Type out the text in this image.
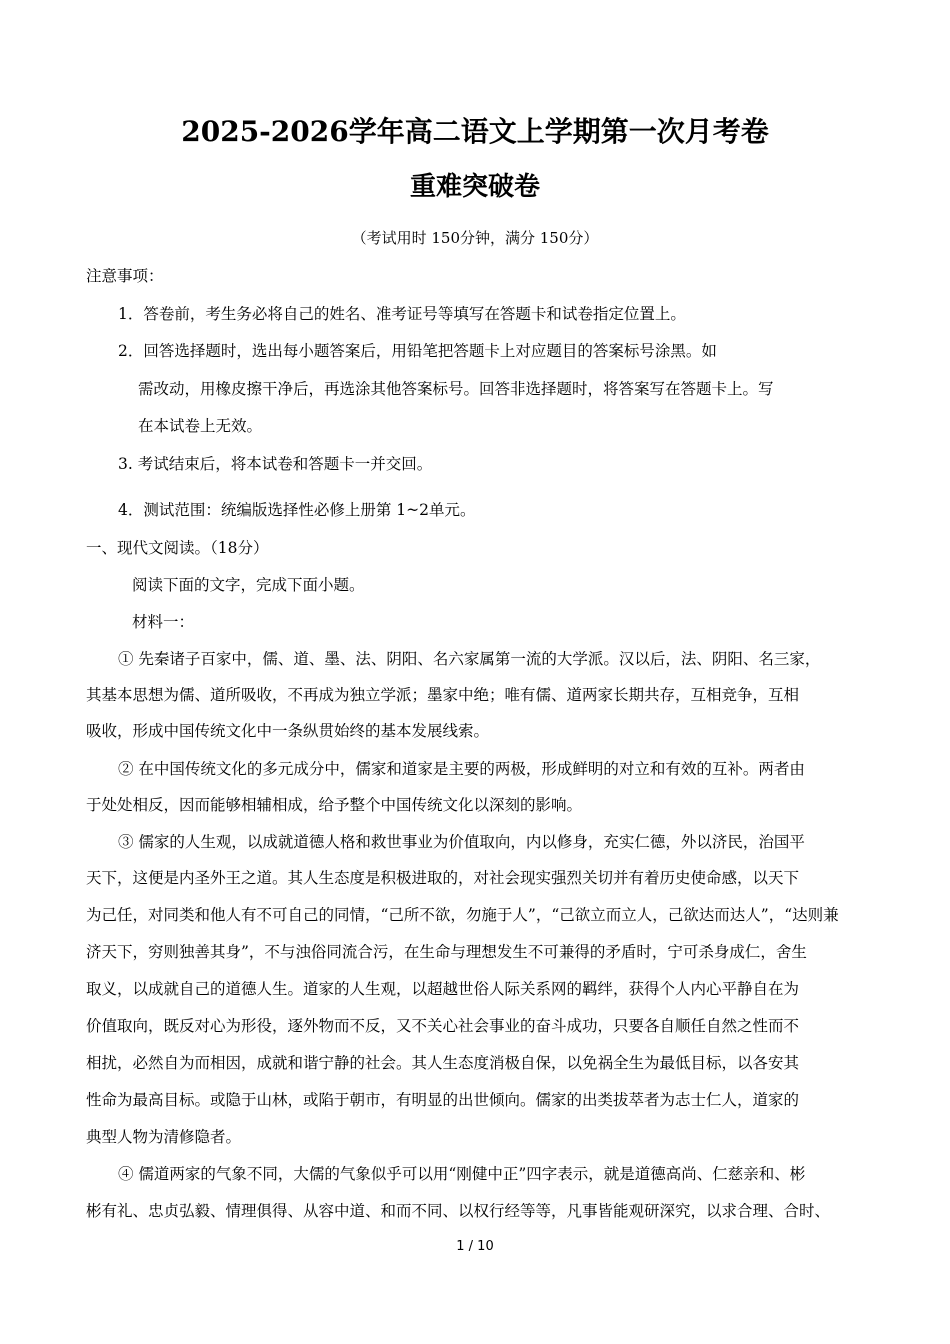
2025-2026学年高二语文上学期第一次月考卷
重难突破卷
（考试用时 150分钟，满分 150分）
注意事项：
1．答卷前，考生务必将自己的姓名、准考证号等填写在答题卡和试卷指定位置上。
2．回答选择题时，选出每小题答案后，用铅笔把答题卡上对应题目的答案标号涂黑。如
需改动，用橡皮擦干净后，再选涂其他答案标号。回答非选择题时，将答案写在答题卡上。写
在本试卷上无效。
3. 考试结束后，将本试卷和答题卡一并交回。
4．测试范围：统编版选择性必修上册第 1~2单元。
一、现代文阅读。（18分）
阅读下面的文字，完成下面小题。
材料一：
① 先秦诸子百家中，儒、道、墨、法、阴阳、名六家属第一流的大学派。汉以后，法、阴阳、名三家，
其基本思想为儒、道所吸收，不再成为独立学派；墨家中绝；唯有儒、道两家长期共存，互相竞争，互相
吸收，形成中国传统文化中一条纵贯始终的基本发展线索。
② 在中国传统文化的多元成分中，儒家和道家是主要的两极，形成鲜明的对立和有效的互补。两者由
于处处相反，因而能够相辅相成，给予整个中国传统文化以深刻的影响。
③ 儒家的人生观，以成就道德人格和救世事业为价值取向，内以修身，充实仁德，外以济民，治国平
天下，这便是内圣外王之道。其人生态度是积极进取的，对社会现实强烈关切并有着历史使命感，以天下
为己任，对同类和他人有不可自己的同情，“己所不欲，勿施于人”，“己欲立而立人，己欲达而达人”，“达则兼
济天下，穷则独善其身”，不与浊俗同流合污，在生命与理想发生不可兼得的矛盾时，宁可杀身成仁，舍生
取义，以成就自己的道德人生。道家的人生观，以超越世俗人际关系网的羁绊，获得个人内心平静自在为
价值取向，既反对心为形役，逐外物而不反，又不关心社会事业的奋斗成功，只要各自顺任自然之性而不
相扰，必然自为而相因，成就和谐宁静的社会。其人生态度消极自保，以免祸全生为最低目标，以各安其
性命为最高目标。或隐于山林，或陷于朝市，有明显的出世倾向。儒家的出类拔萃者为志士仁人，道家的
典型人物为清修隐者。
④ 儒道两家的气象不同，大儒的气象似乎可以用“刚健中正”四字表示，就是道德高尚、仁慈亲和、彬
彬有礼、忠贞弘毅、情理俱得、从容中道、和而不同、以权行经等等，凡事皆能观研深究，以求合理、合时、
1 / 10
